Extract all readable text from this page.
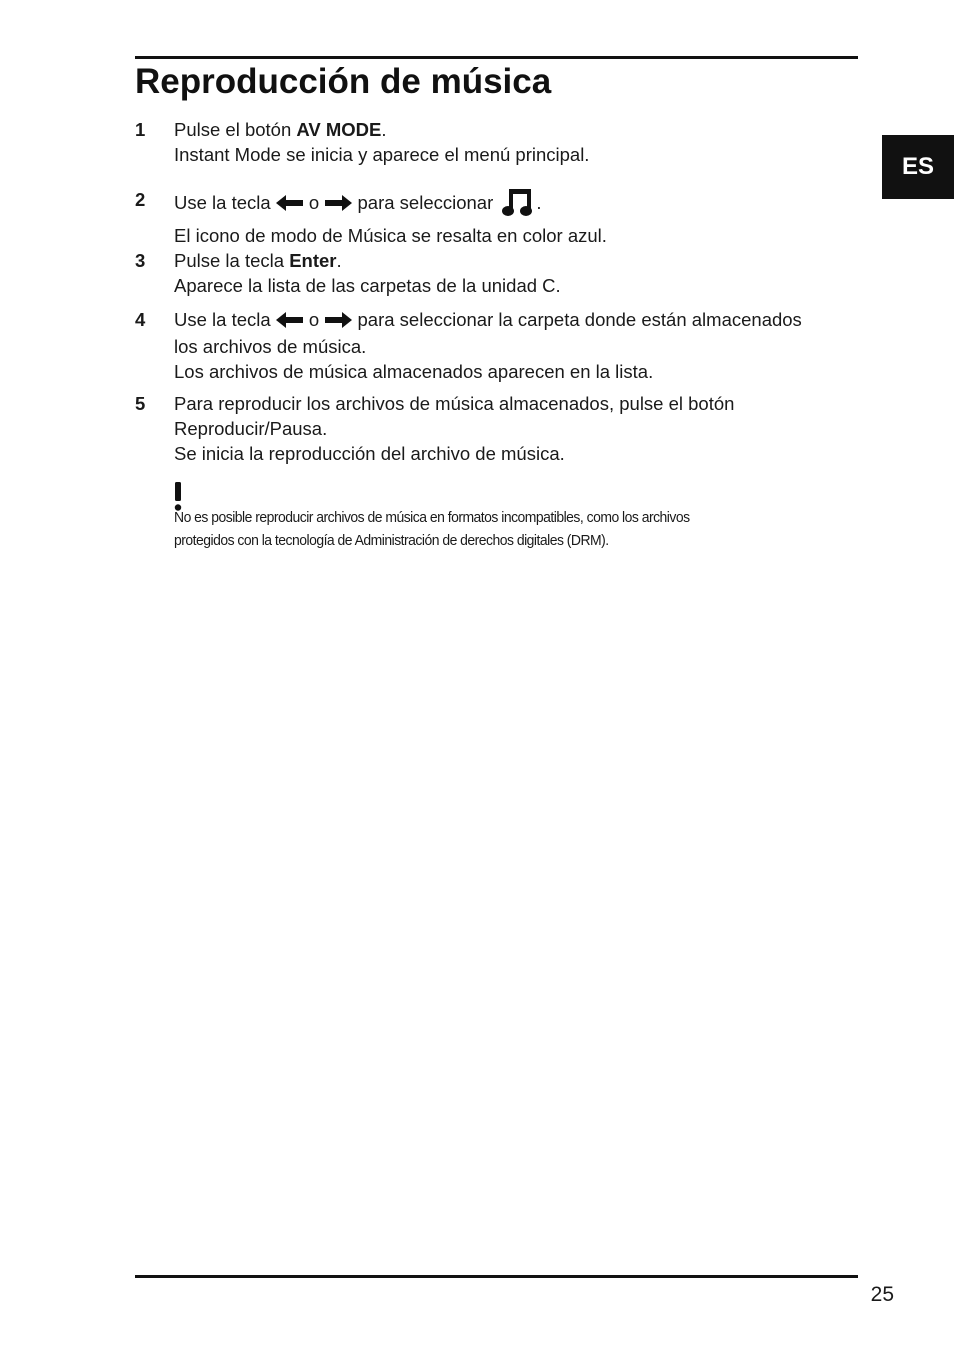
Reproducción de música
ES
1 Pulse el botón AV MODE.
Instant Mode se inicia y aparece el menú principal.
2 Use la tecla  o  para seleccionar .
El icono de modo de Música se resalta en color azul.
3 Pulse la tecla Enter.
Aparece la lista de las carpetas de la unidad C.
4 Use la tecla  o  para seleccionar la carpeta donde están almacenados
los archivos de música.
Los archivos de música almacenados aparecen en la lista.
5 Para reproducir los archivos de música almacenados, pulse el botón
Reproducir/Pausa.
Se inicia la reproducción del archivo de música.
No es posible reproducir archivos de música en formatos incompatibles, como los archivos
protegidos con la tecnología de Administración de derechos digitales (DRM).
25
